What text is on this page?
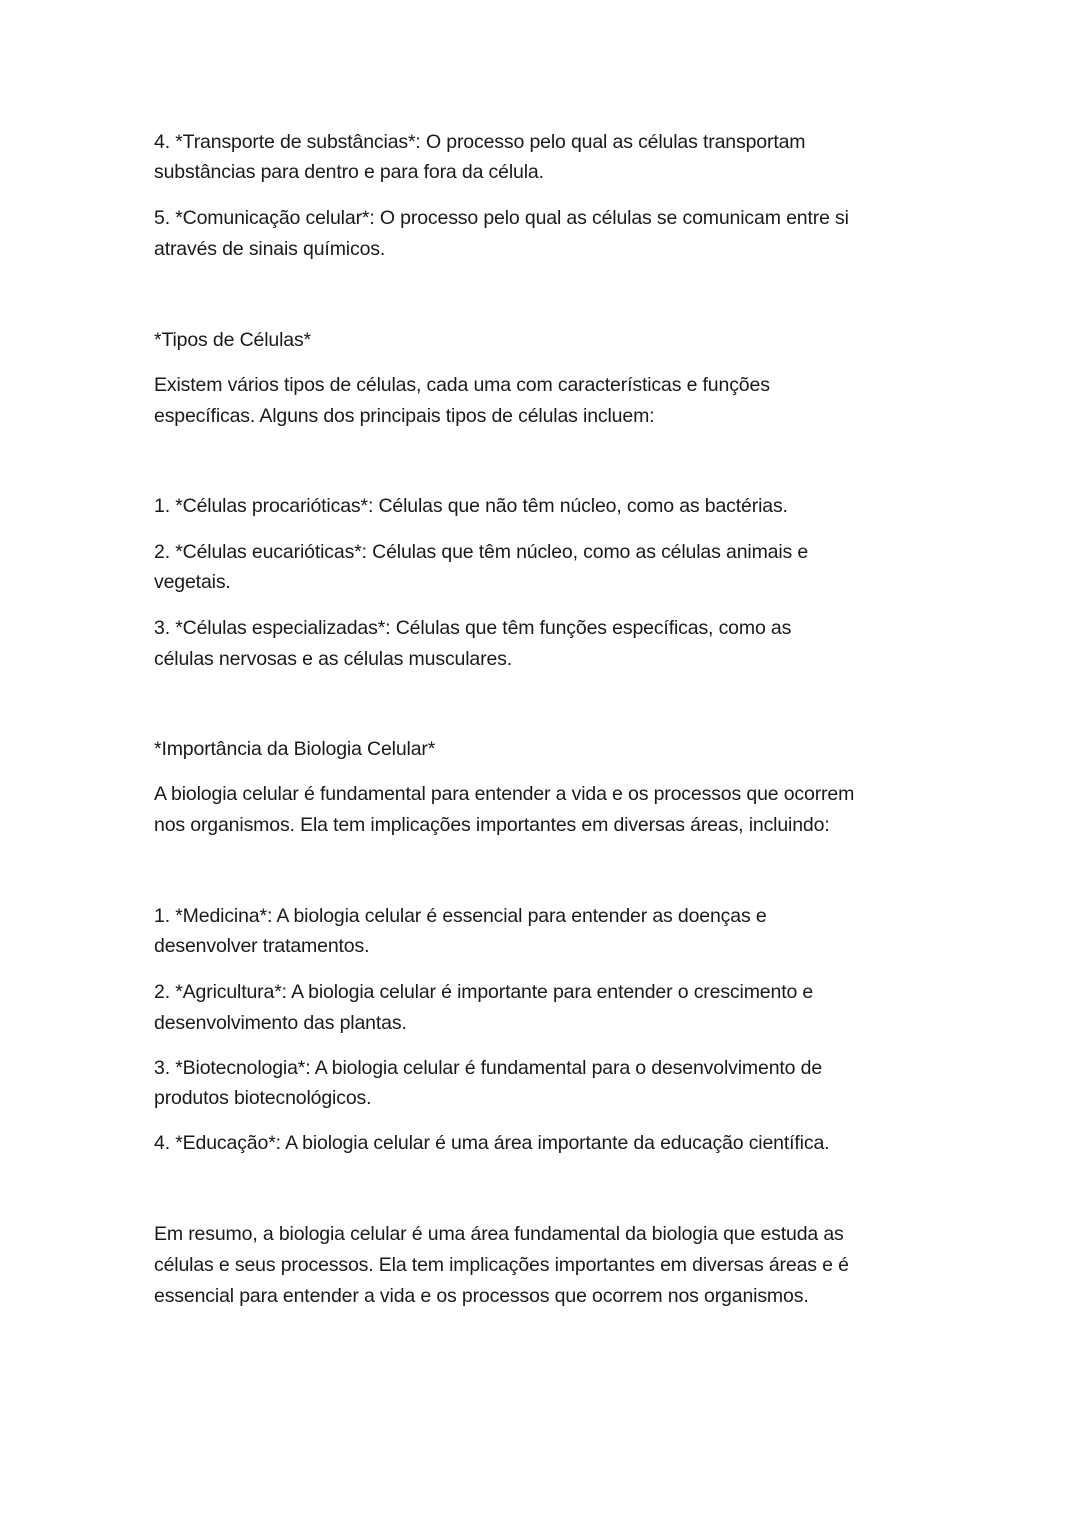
4. *Transporte de substâncias*: O processo pelo qual as células transportam
substâncias para dentro e para fora da célula.
5. *Comunicação celular*: O processo pelo qual as células se comunicam entre si
através de sinais químicos.
*Tipos de Células*
Existem vários tipos de células, cada uma com características e funções
específicas. Alguns dos principais tipos de células incluem:
1. *Células procarióticas*: Células que não têm núcleo, como as bactérias.
2. *Células eucarióticas*: Células que têm núcleo, como as células animais e
vegetais.
3. *Células especializadas*: Células que têm funções específicas, como as
células nervosas e as células musculares.
*Importância da Biologia Celular*
A biologia celular é fundamental para entender a vida e os processos que ocorrem
nos organismos. Ela tem implicações importantes em diversas áreas, incluindo:
1. *Medicina*: A biologia celular é essencial para entender as doenças e
desenvolver tratamentos.
2. *Agricultura*: A biologia celular é importante para entender o crescimento e
desenvolvimento das plantas.
3. *Biotecnologia*: A biologia celular é fundamental para o desenvolvimento de
produtos biotecnológicos.
4. *Educação*: A biologia celular é uma área importante da educação científica.
Em resumo, a biologia celular é uma área fundamental da biologia que estuda as
células e seus processos. Ela tem implicações importantes em diversas áreas e é
essencial para entender a vida e os processos que ocorrem nos organismos.
